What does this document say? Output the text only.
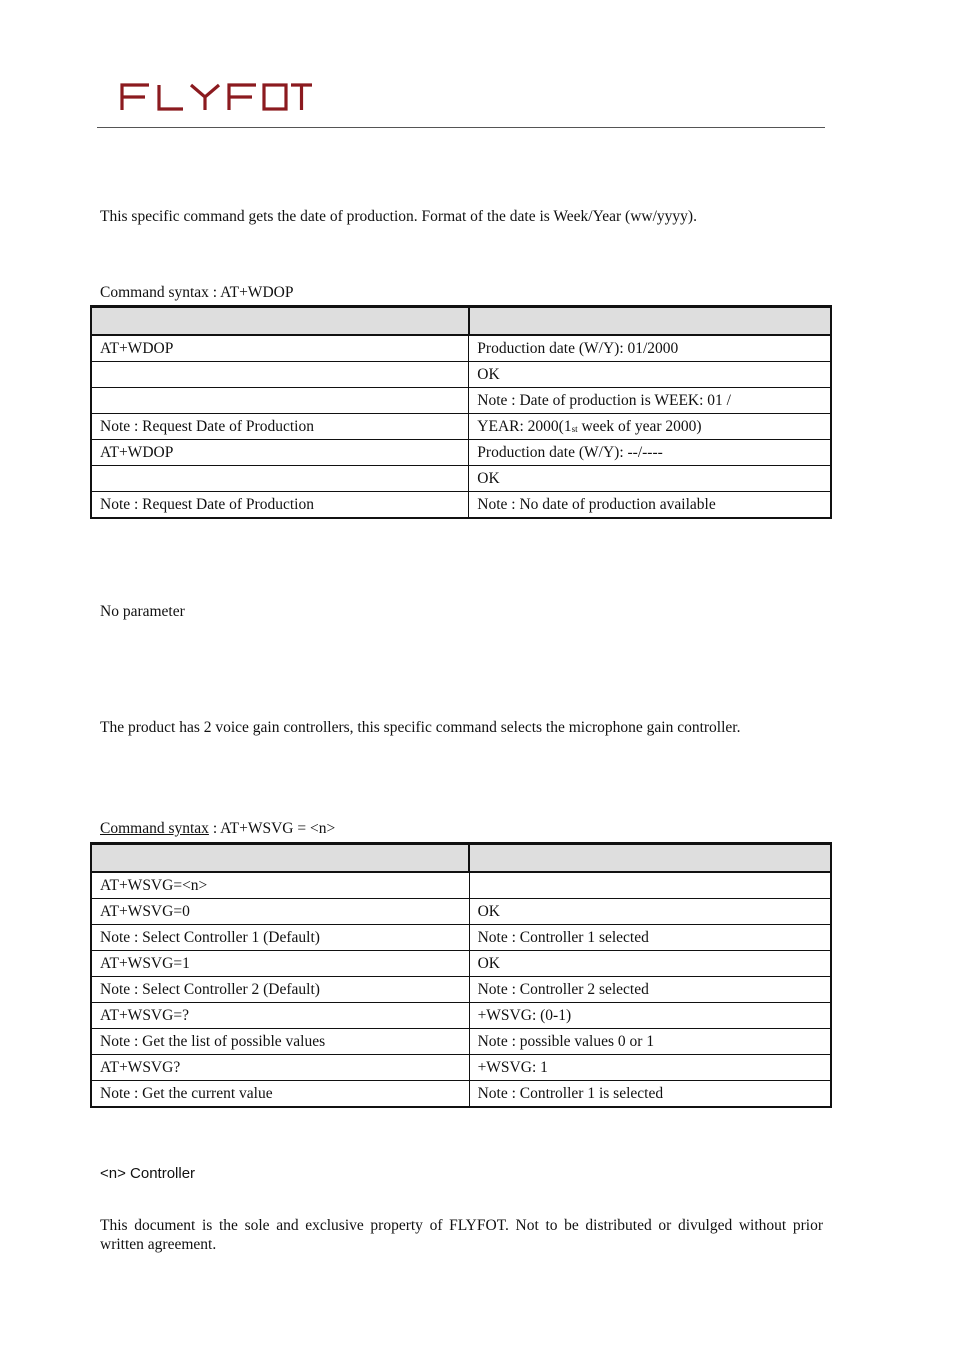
This specific command gets the date of production. Format of the date is Week/Year (ww/yyyy).

Command syntax : AT+WDOP

AT+WDOP	Production date (W/Y): 01/2000
	OK
	Note : Date of production is WEEK: 01 /
Note : Request Date of Production	YEAR: $2000(1_{st}$ week of year 2000)
AT+WDOP	Production date (W/Y): --/----
	OK
Note : Request Date of Production	Note : No date of production available

No parameter

The product has 2 voice gain controllers, this specific command selects the microphone gain controller.

Command syntax : AT+WSVG = <n>

AT+WSVG=<n>	
AT+WSVG=0	OK
Note : Select Controller 1 (Default)	Note : Controller 1 selected
AT+WSVG=1	OK
Note : Select Controller 2 (Default)	Note : Controller 2 selected
AT+WSVG=?	+WSVG: (0-1)
Note : Get the list of possible values	Note : possible values 0 or 1
AT+WSVG?	+WSVG: 1
Note : Get the current value	Note : Controller 1 is selected

<n> Controller

This document is the sole and exclusive property of FLYFOT. Not to be distributed or divulged without prior written agreement.
